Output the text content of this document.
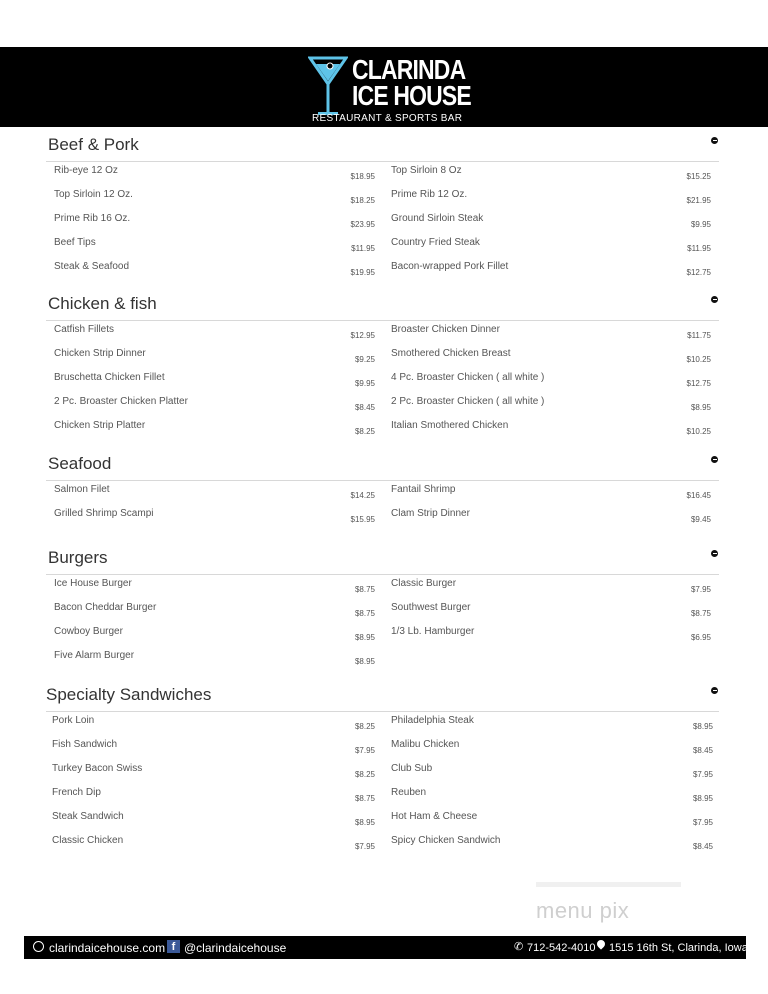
CLARINDA
ICE HOUSE
RESTAURANT & SPORTS BAR
Beef & Pork
Rib-eye 12 Oz
$18.95
Top Sirloin 12 Oz.
$18.25
Prime Rib 16 Oz.
$23.95
Beef Tips
$11.95
Steak & Seafood
$19.95
Top Sirloin 8 Oz
$15.25
Prime Rib 12 Oz.
$21.95
Ground Sirloin Steak
$9.95
Country Fried Steak
$11.95
Bacon-wrapped Pork Fillet
$12.75
Chicken & fish
Catfish Fillets
$12.95
Chicken Strip Dinner
$9.25
Bruschetta Chicken Fillet
$9.95
2 Pc. Broaster Chicken Platter
$8.45
Chicken Strip Platter
$8.25
Broaster Chicken Dinner
$11.75
Smothered Chicken Breast
$10.25
4 Pc. Broaster Chicken ( all white )
$12.75
2 Pc. Broaster Chicken ( all white )
$8.95
Italian Smothered Chicken
$10.25
Seafood
Salmon Filet
$14.25
Grilled Shrimp Scampi
$15.95
Fantail Shrimp
$16.45
Clam Strip Dinner
$9.45
Burgers
Ice House Burger
$8.75
Bacon Cheddar Burger
$8.75
Cowboy Burger
$8.95
Five Alarm Burger
$8.95
Classic Burger
$7.95
Southwest Burger
$8.75
1/3 Lb. Hamburger
$6.95
Specialty Sandwiches
Pork Loin
$8.25
Fish Sandwich
$7.95
Turkey Bacon Swiss
$8.25
French Dip
$8.75
Steak Sandwich
$8.95
Classic Chicken
$7.95
Philadelphia Steak
$8.95
Malibu Chicken
$8.45
Club Sub
$7.95
Reuben
$8.95
Hot Ham & Cheese
$7.95
Spicy Chicken Sandwich
$8.45
menu pix
clarindaicehouse.com f @clarindaicehouse	✆ 712-542-4010 1515 16th St, Clarinda, Iowa
